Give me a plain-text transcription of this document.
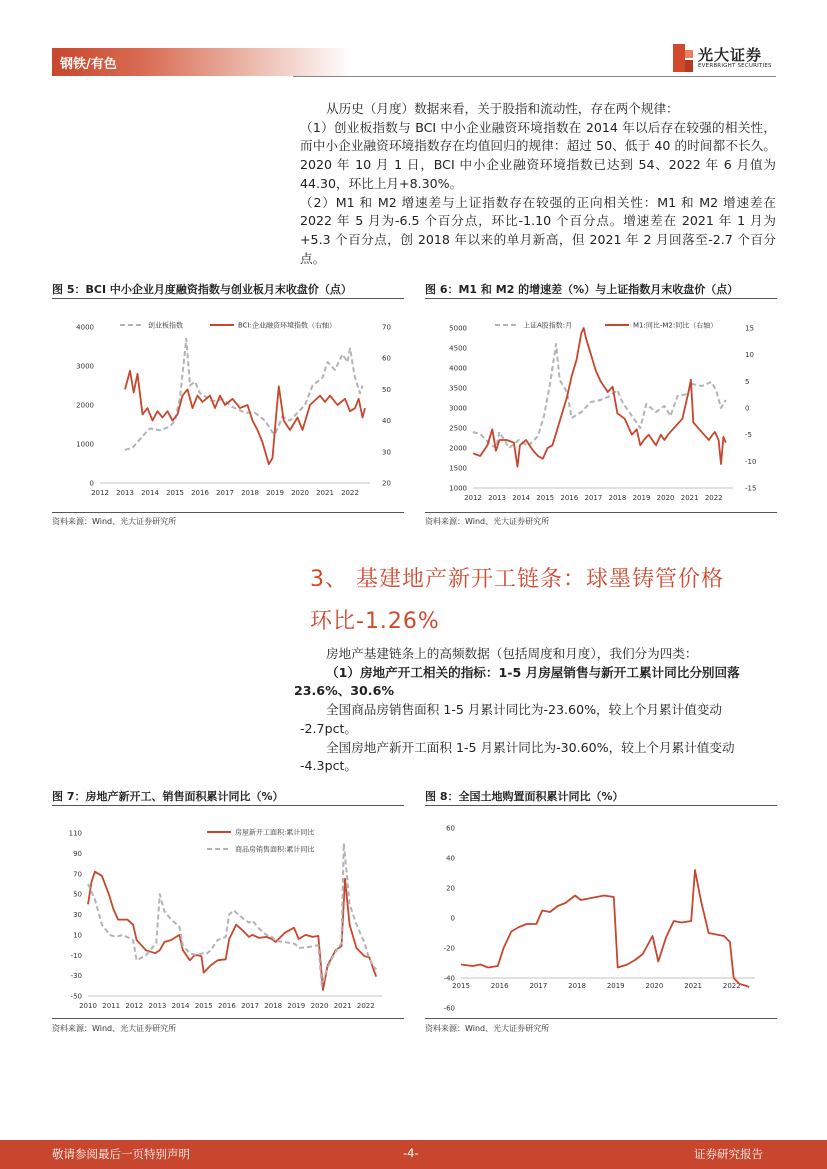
钢铁/有色
光大证券
EVERBRIGHT SECURITIES
从历史（月度）数据来看，关于股指和流动性，存在两个规律：
（1）创业板指数与 BCI 中小企业融资环境指数在 2014 年以后存在较强的相关性，而中小企业融资环境指数存在均值回归的规律：超过 50、低于 40 的时间都不长久。2020 年 10 月 1 日，BCI 中小企业融资环境指数已达到 54、2022 年 6 月值为 44.30，环比上月+8.30%。
（2）M1 和 M2 增速差与上证指数存在较强的正向相关性：M1 和 M2 增速差在 2022 年 5 月为-6.5 个百分点，环比-1.10 个百分点。增速差在 2021 年 1 月为+5.3 个百分点，创 2018 年以来的单月新高，但 2021 年 2 月回落至-2.7 个百分点。
图 5：BCI 中小企业月度融资指数与创业板月末收盘价（点）
2012 2013 2014 2015 2016 2017 2018 2019 2020 2021 2022
0
1000
2000
3000
4000
20
30
40
50
60
70
创业板指数	BCI:企业融资环境指数（右轴）
资料来源：Wind、光大证券研究所
图 6：M1 和 M2 的增速差（%）与上证指数月末收盘价（点）
2012 2013 2014 2015 2016 2017 2018 2019 2020 2021 2022
1000
1500
2000
2500
3000
3500
4000
4500
5000
-15
-10
-5
0
5
10
15
上证A股指数:月	M1:同比-M2:同比（右轴）
资料来源：Wind、光大证券研究所
3、 基建地产新开工链条：球墨铸管价格
环比-1.26%
房地产基建链条上的高频数据（包括周度和月度），我们分为四类：
（1）房地产开工相关的指标：1-5 月房屋销售与新开工累计同比分别回落
23.6%、30.6%
全国商品房销售面积 1-5 月累计同比为-23.60%，较上个月累计值变动
-2.7pct。
全国房地产新开工面积 1-5 月累计同比为-30.60%，较上个月累计值变动
-4.3pct。
图 7：房地产新开工、销售面积累计同比（%）
2010 2011 2012 2013 2014 2015 2016 2017 2018 2019 2020 2021 2022
-50
-30
-10
10
30
50
70
90
110	房屋新开工面积:累计同比
商品房销售面积:累计同比
资料来源：Wind、光大证券研究所
图 8：全国土地购置面积累计同比（%）
2015	2016	2017	2018	2019	2020	2021	2022
-60
-40
-20
0
20
40
60
资料来源：Wind、光大证券研究所
敬请参阅最后一页特别声明	-4-	证券研究报告
